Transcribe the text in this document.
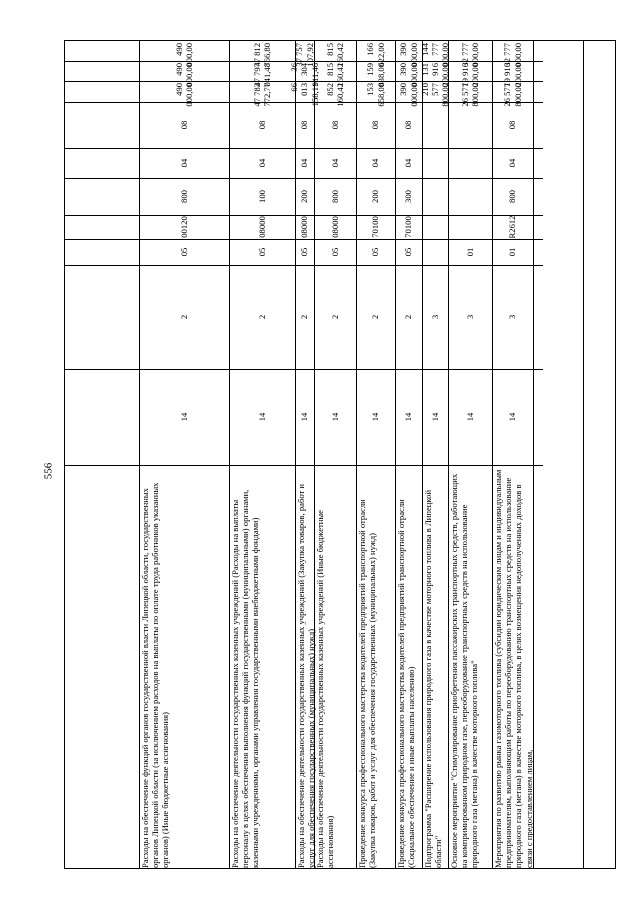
556
490 000,00
490 000,00
490 000,00
08
04
800
00120
05
2
14
Расходы на обеспечение функций органов государственной власти Липецкой области, государственных органов Липецкой области (за исключением расходов на выплаты по оплате труда работников указанных органов) (Иные бюджетные ассигнования)
47 812 766,80
47 797 041,48
47 782 772,77
08
04
100
08000
05
2
14
Расходы на обеспечение деятельности государственных казенных учреждений (Расходы на выплаты персоналу в целях обеспечения выполнения функций государственными (муниципальными) органами, казенными учреждениями, органами управления государственными внебюджетными фондами)
37 757 107,92
36 304 911,46
66 013 158,11
08
04
200
08000
05
2
14
Расходы на обеспечение деятельности государственных казенных учреждений (Закупка товаров, работ и услуг для обеспечения государственных (муниципальных) нужд)
815 160,42
815 160,42
852 160,42
08
04
800
08000
05
2
14
Расходы на обеспечение деятельности государственных казенных учреждений (Иные бюджетные ассигнования)
166 622,00
159 838,00
153 658,00
08
04
200
70100
05
2
14
Проведение конкурса профессионального мастерства водителей предприятий транспортной отрасли (Закупка товаров, работ и услуг для обеспечения государственных (муниципальных) нужд)
390 000,00
390 000,00
390 000,00
08
04
300
70100
05
2
14
Проведение конкурса профессионального мастерства водителей предприятий транспортной отрасли (Социальное обеспечение и иные выплаты населению)
144 777 000,00
131 916 200,00
210 577 800,00
3
14
Подпрограмма "Расширение использования природного газа в качестве моторного топлива в Липецкой области"
32 777 000,00
19 916 200,00
26 577 800,00
01
3
14
Основное мероприятие "Стимулирование приобретения пассажирских транспортных средств, работающих на компримированном природном газе, переоборудование транспортных средств на использование природного газа (метана) в качестве моторного топлива"
32 777 000,00
19 916 200,00
26 577 800,00
08
04
800
R2612
01
3
14
Мероприятия по развитию рынка газомоторного топлива (субсидии юридическим лицам и индивидуальным предпринимателям, выполняющим работы по переоборудованию транспортных средств на использование природного газа (метана) в качестве моторного топлива, в целях возмещения недополученных доходов в связи с предоставлением лицам,
